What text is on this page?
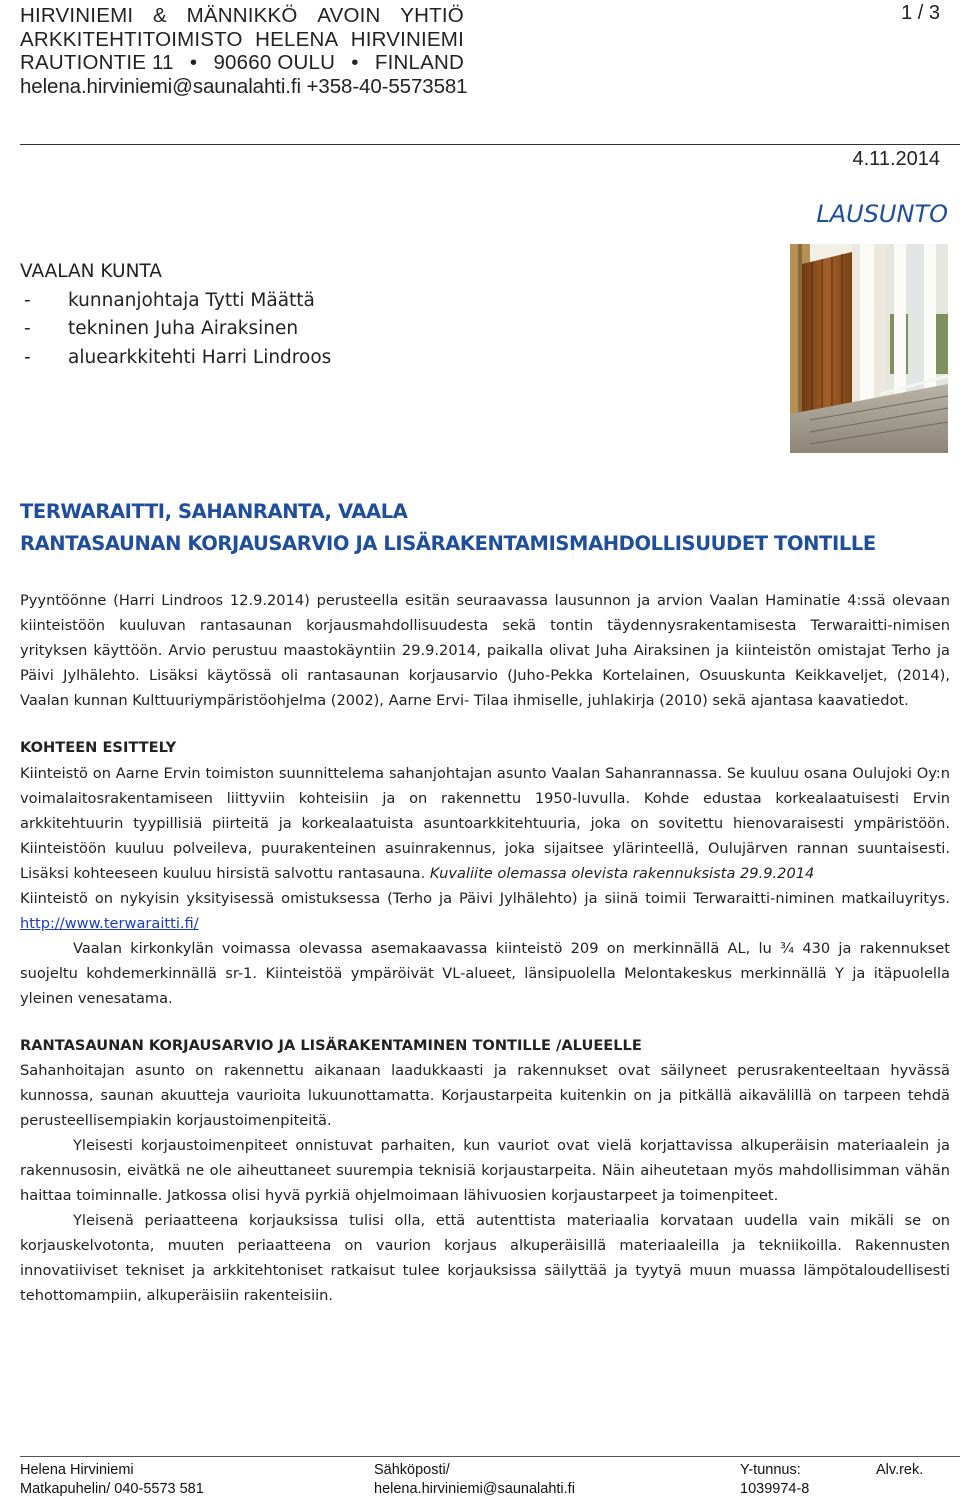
HIRVINIEMI & MÄNNIKKÖ AVOIN YHTIÖ
ARKKITEHTITOIMISTO HELENA HIRVINIEMI
RAUTIONTIE 11 • 90660 OULU • FINLAND
helena.hirviniemi@saunalahti.fi +358-40-5573581
1 / 3
4.11.2014
LAUSUNTO
VAALAN KUNTA
-	kunnanjohtaja Tytti Määttä
-	tekninen Juha Airaksinen
-	aluearkkitehti Harri Lindroos
TERWARAITTI, SAHANRANTA, VAALA
RANTASAUNAN KORJAUSARVIO JA LISÄRAKENTAMISMAHDOLLISUUDET TONTILLE

Pyyntöönne (Harri Lindroos 12.9.2014) perusteella esitän seuraavassa lausunnon ja arvion Vaalan Haminatie 4:ssä olevaan kiinteistöön kuuluvan rantasaunan korjausmahdollisuudesta sekä tontin täydennysrakentamisesta Terwaraitti-nimisen yrityksen käyttöön. Arvio perustuu maastokäyntiin 29.9.2014, paikalla olivat Juha Airaksinen ja kiinteistön omistajat Terho ja Päivi Jylhälehto. Lisäksi käytössä oli rantasaunan korjausarvio (Juho-Pekka Kortelainen, Osuuskunta Keikkaveljet, (2014), Vaalan kunnan Kulttuuriympäristöohjelma (2002), Aarne Ervi- Tilaa ihmiselle, juhlakirja (2010) sekä ajantasa kaavatiedot.

KOHTEEN ESITTELY

Kiinteistö on Aarne Ervin toimiston suunnittelema sahanjohtajan asunto Vaalan Sahanrannassa. Se kuuluu osana Oulujoki Oy:n voimalaitosrakentamiseen liittyviin kohteisiin ja on rakennettu 1950-luvulla. Kohde edustaa korkealaatuisesti Ervin arkkitehtuurin tyypillisiä piirteitä ja korkealaatuista asuntoarkkitehtuuria, joka on sovitettu hienovaraisesti ympäristöön. Kiinteistöön kuuluu polveileva, puurakenteinen asuinrakennus, joka sijaitsee ylärinteellä, Oulujärven rannan suuntaisesti. Lisäksi kohteeseen kuuluu hirsistä salvottu rantasauna. Kuvaliite olemassa olevista rakennuksista 29.9.2014

Kiinteistö on nykyisin yksityisessä omistuksessa (Terho ja Päivi Jylhälehto) ja siinä toimii Terwaraitti-niminen matkailuyritys. http://www.terwaraitti.fi/

Vaalan kirkonkylän voimassa olevassa asemakaavassa kiinteistö 209 on merkinnällä AL, lu ¾ 430 ja rakennukset suojeltu kohdemerkinnällä sr-1. Kiinteistöä ympäröivät VL-alueet, länsipuolella Melontakeskus merkinnällä Y ja itäpuolella yleinen venesatama.

RANTASAUNAN KORJAUSARVIO JA LISÄRAKENTAMINEN TONTILLE /ALUEELLE

Sahanhoitajan asunto on rakennettu aikanaan laadukkaasti ja rakennukset ovat säilyneet perusrakenteeltaan hyvässä kunnossa, saunan akuutteja vaurioita lukuunottamatta. Korjaustarpeita kuitenkin on ja pitkällä aikavälillä on tarpeen tehdä perusteellisempiakin korjaustoimenpiteitä.

Yleisesti korjaustoimenpiteet onnistuvat parhaiten, kun vauriot ovat vielä korjattavissa alkuperäisin materiaalein ja rakennusosin, eivätkä ne ole aiheuttaneet suurempia teknisiä korjaustarpeita. Näin aiheutetaan myös mahdollisimman vähän haittaa toiminnalle. Jatkossa olisi hyvä pyrkiä ohjelmoimaan lähivuosien korjaustarpeet ja toimenpiteet.

Yleisenä periaatteena korjauksissa tulisi olla, että autenttista materiaalia korvataan uudella vain mikäli se on korjauskelvotonta, muuten periaatteena on vaurion korjaus alkuperäisillä materiaaleilla ja tekniikoilla. Rakennusten innovatiiviset tekniset ja arkkitehtoniset ratkaisut tulee korjauksissa säilyttää ja tyytyä muun muassa lämpötaloudellisesti tehottomampiin, alkuperäisiin rakenteisiin.

Helena Hirviniemi
Matkapuhelin/ 040-5573 581
Sähköposti/
helena.hirviniemi@saunalahti.fi
Y-tunnus:
1039974-8
Alv.rek.
